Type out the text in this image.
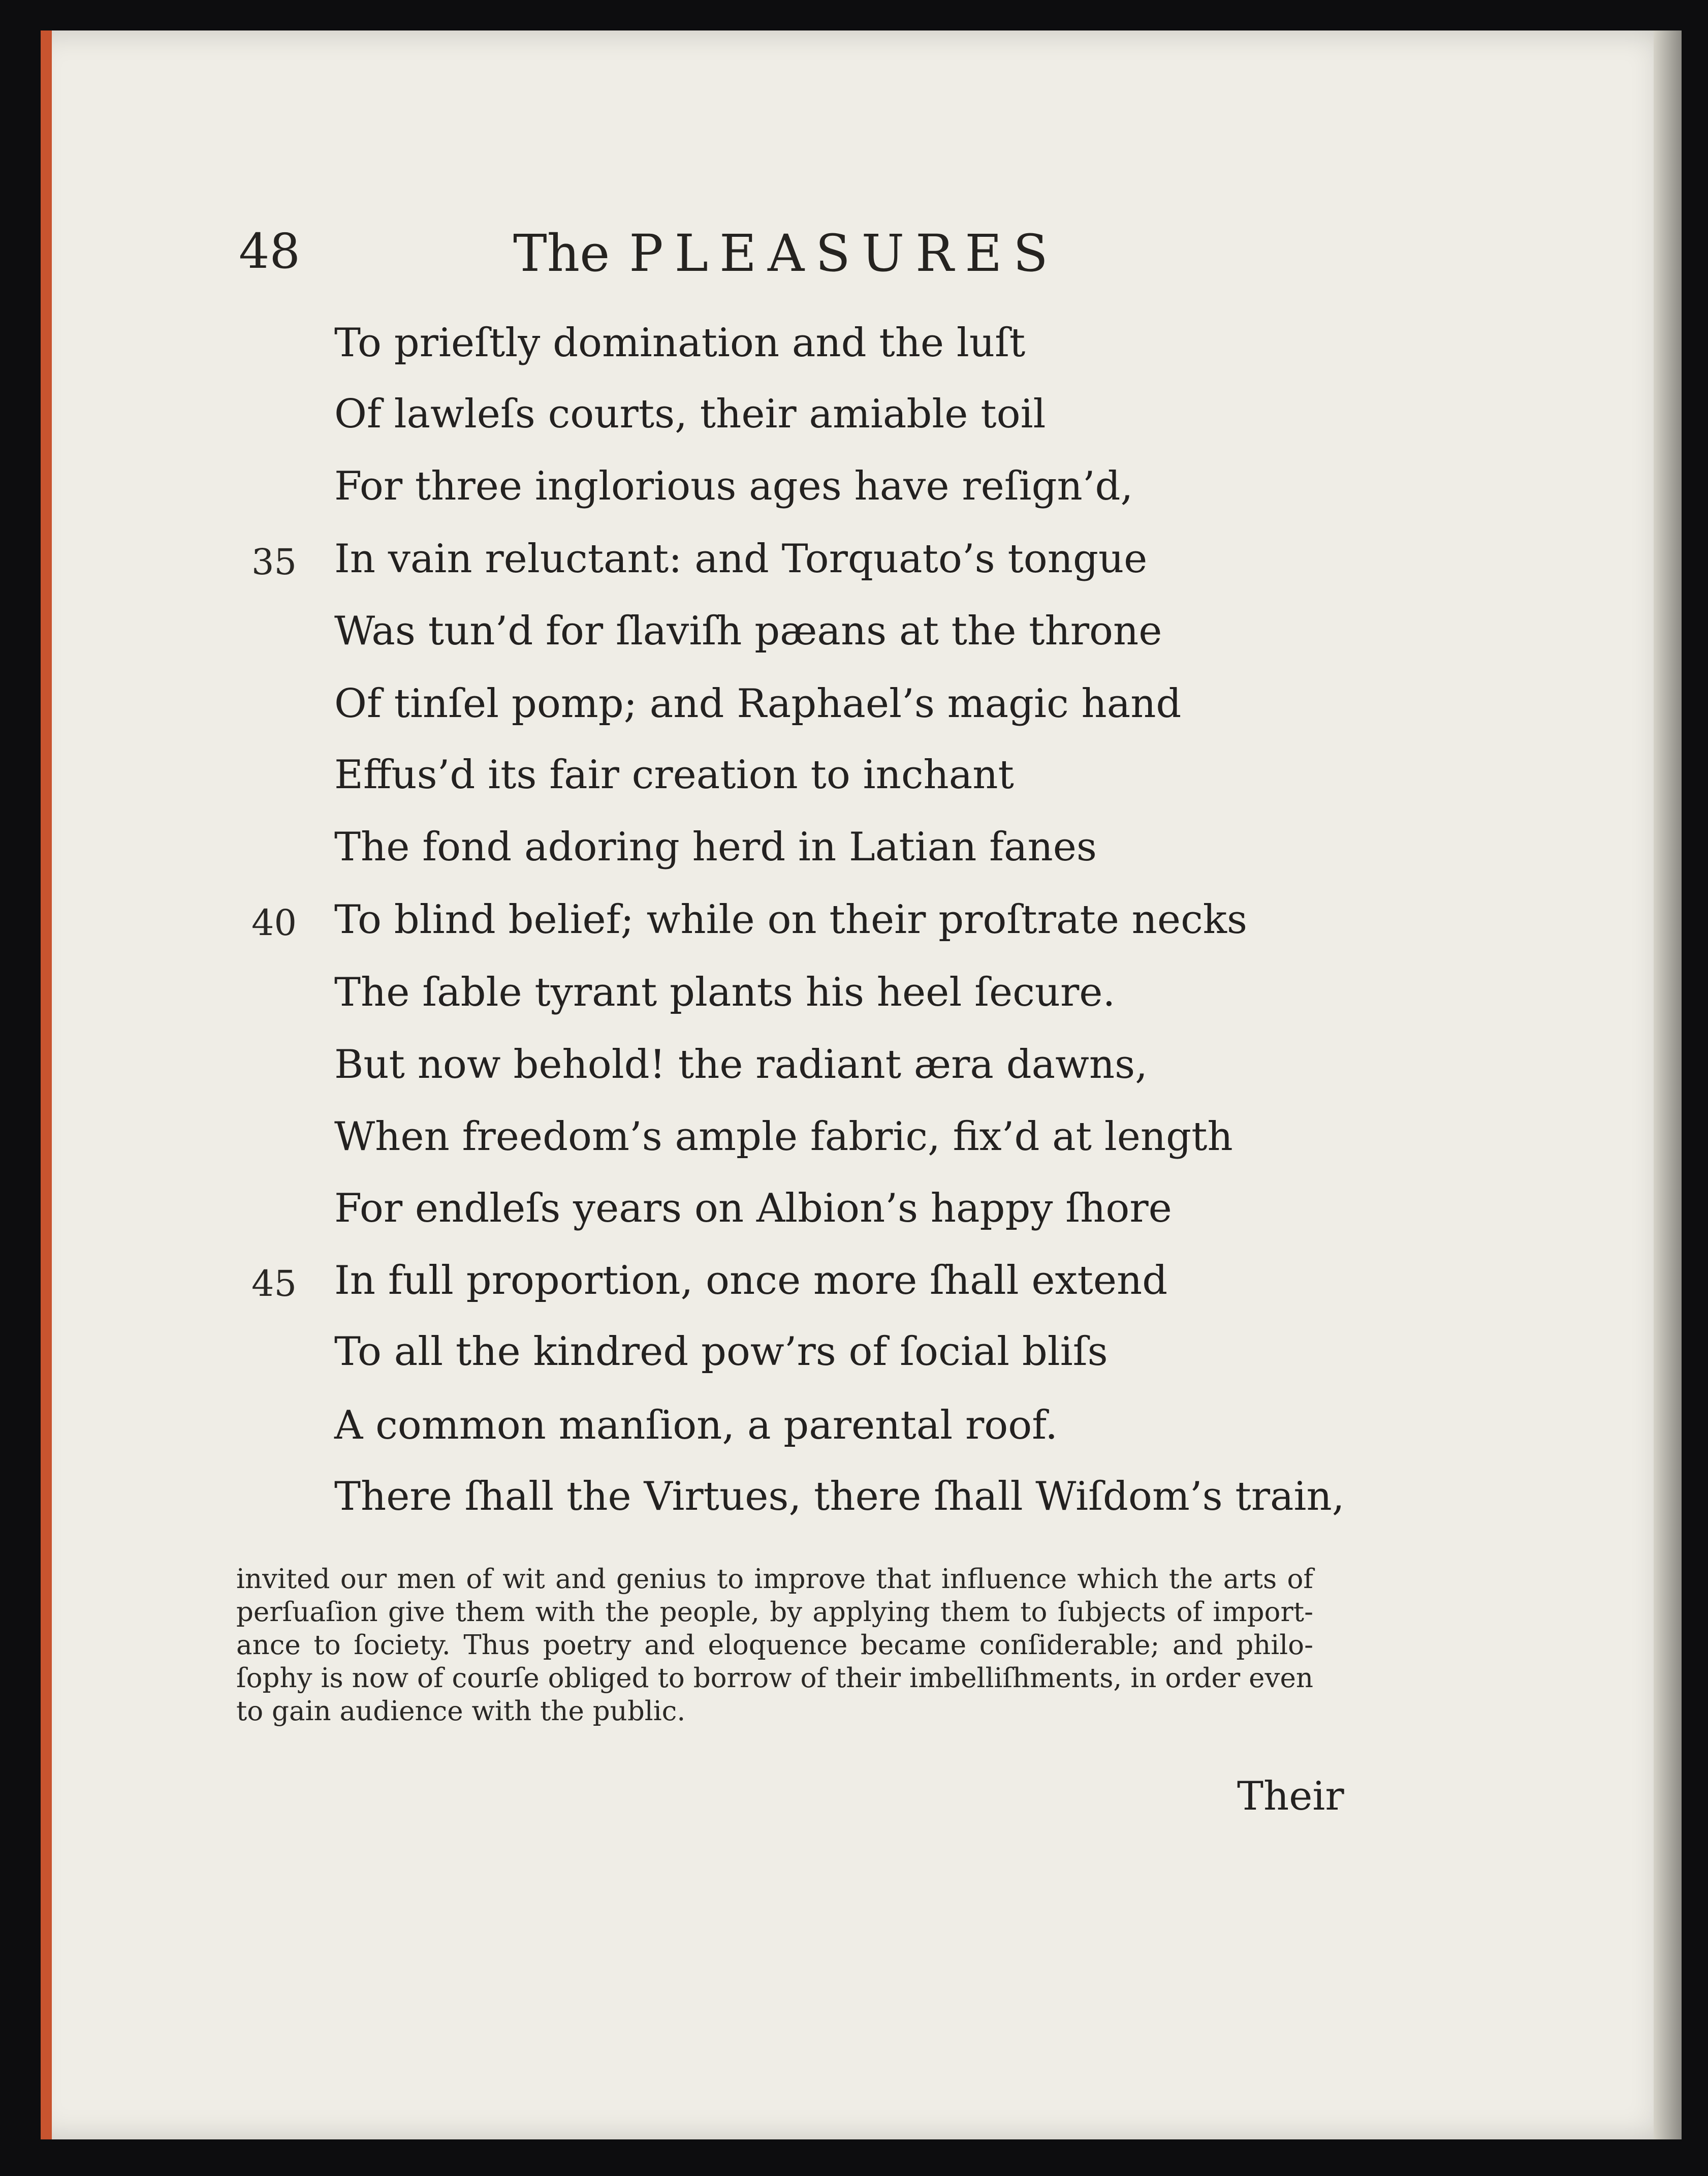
48	The PLEASURES
To prieſtly domination and the luſt
Of lawleſs courts, their amiable toil
For three inglorious ages have reſign’d,
35 In vain reluctant: and Torquato’s tongue
Was tun’d for ſlaviſh pæans at the throne
Of tinſel pomp; and Raphael’s magic hand
Effus’d its fair creation to inchant
The fond adoring herd in Latian fanes
40 To blind belief; while on their proſtrate necks
The ſable tyrant plants his heel ſecure.
But now behold! the radiant æra dawns,
When freedom’s ample fabric, fix’d at length
For endleſs years on Albion’s happy ſhore
45 In full proportion, once more ſhall extend
To all the kindred pow’rs of ſocial bliſs
A common manſion, a parental roof.
There ſhall the Virtues, there ſhall Wiſdom’s train,
invited our men of wit and genius to improve that influence which the arts of
perſuaſion give them with the people, by applying them to ſubjects of import-
ance to ſociety. Thus poetry and eloquence became conſiderable; and philo-
ſophy is now of courſe obliged to borrow of their imbelliſhments, in order even
to gain audience with the public.
Their
